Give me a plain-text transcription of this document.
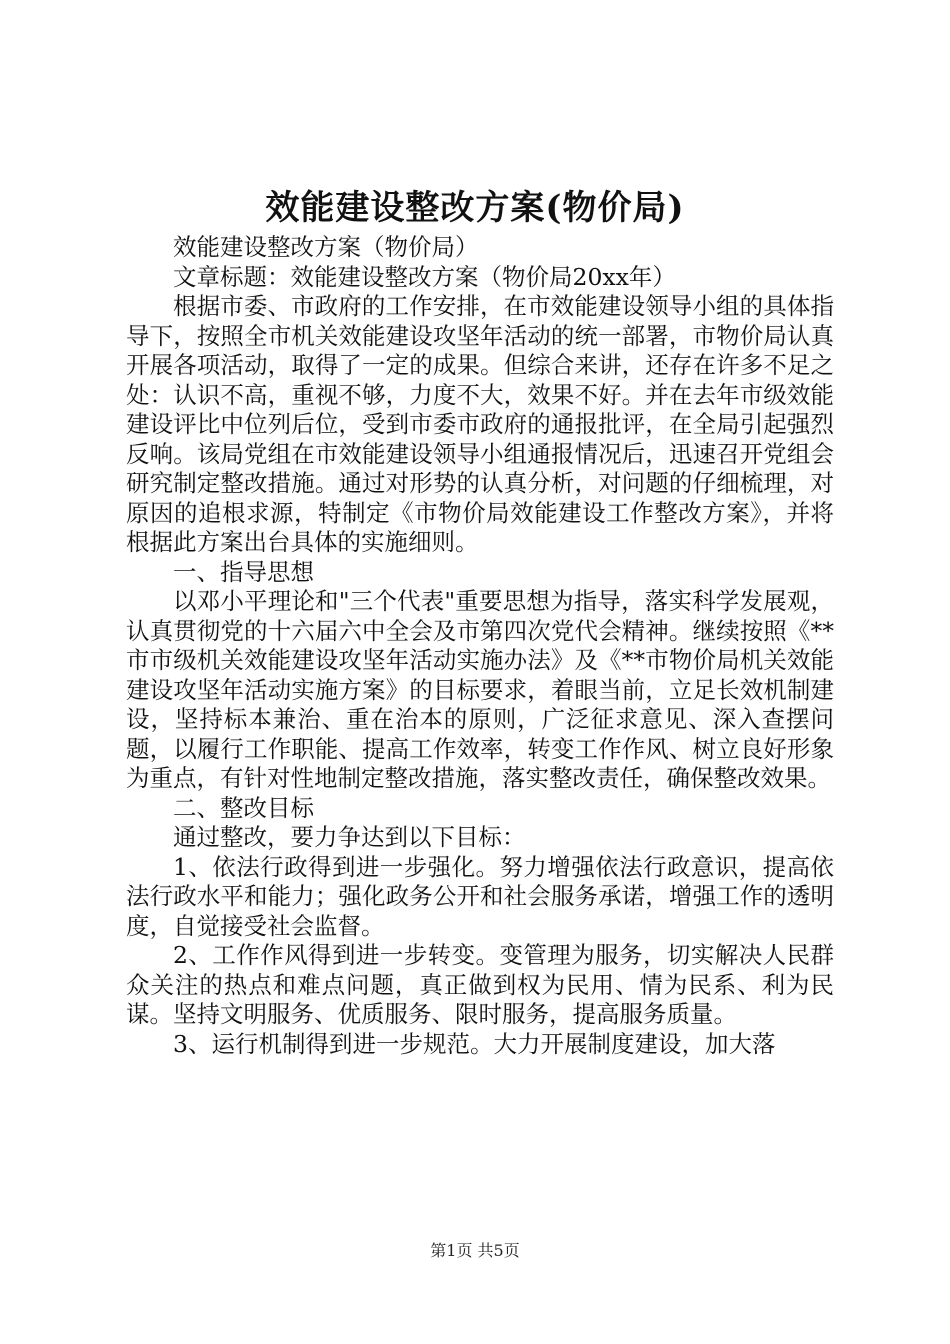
效能建设整改方案(物价局)

效能建设整改方案（物价局）

文章标题：效能建设整改方案（物价局20xx年）

根据市委、市政府的工作安排，在市效能建设领导小组的具体指导下，按照全市机关效能建设攻坚年活动的统一部署，市物价局认真开展各项活动，取得了一定的成果。但综合来讲，还存在许多不足之处：认识不高，重视不够，力度不大，效果不好。并在去年市级效能建设评比中位列后位，受到市委市政府的通报批评，在全局引起强烈反响。该局党组在市效能建设领导小组通报情况后，迅速召开党组会研究制定整改措施。通过对形势的认真分析，对问题的仔细梳理，对原因的追根求源，特制定《市物价局效能建设工作整改方案》，并将根据此方案出台具体的实施细则。

一、指导思想

以邓小平理论和"三个代表"重要思想为指导，落实科学发展观，认真贯彻党的十六届六中全会及市第四次党代会精神。继续按照《**市市级机关效能建设攻坚年活动实施办法》及《**市物价局机关效能建设攻坚年活动实施方案》的目标要求，着眼当前，立足长效机制建设，坚持标本兼治、重在治本的原则，广泛征求意见、深入查摆问题，以履行工作职能、提高工作效率，转变工作作风、树立良好形象为重点，有针对性地制定整改措施，落实整改责任，确保整改效果。

二、整改目标

通过整改，要力争达到以下目标：

1、依法行政得到进一步强化。努力增强依法行政意识，提高依法行政水平和能力；强化政务公开和社会服务承诺，增强工作的透明度，自觉接受社会监督。

2、工作作风得到进一步转变。变管理为服务，切实解决人民群众关注的热点和难点问题，真正做到权为民用、情为民系、利为民谋。坚持文明服务、优质服务、限时服务，提高服务质量。

3、运行机制得到进一步规范。大力开展制度建设，加大落

第1页 共5页
